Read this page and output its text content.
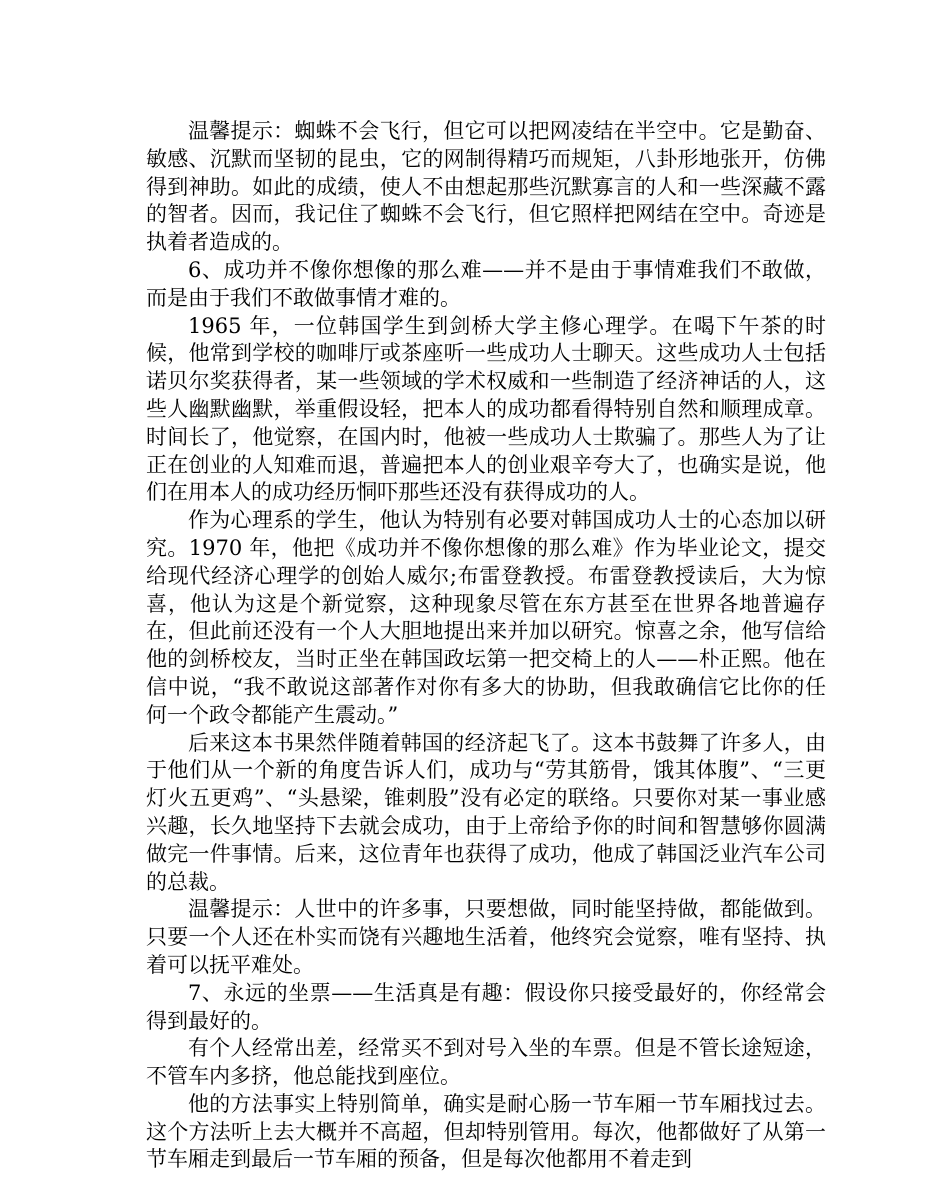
温馨提示：蜘蛛不会飞行，但它可以把网凌结在半空中。它是勤奋、敏感、沉默而坚韧的昆虫，它的网制得精巧而规矩，八卦形地张开，仿佛得到神助。如此的成绩，使人不由想起那些沉默寡言的人和一些深藏不露的智者。因而，我记住了蜘蛛不会飞行，但它照样把网结在空中。奇迹是执着者造成的。

6、成功并不像你想像的那么难——并不是由于事情难我们不敢做，而是由于我们不敢做事情才难的。

1965 年，一位韩国学生到剑桥大学主修心理学。在喝下午茶的时候，他常到学校的咖啡厅或茶座听一些成功人士聊天。这些成功人士包括诺贝尔奖获得者，某一些领域的学术权威和一些制造了经济神话的人，这些人幽默幽默，举重假设轻，把本人的成功都看得特别自然和顺理成章。时间长了，他觉察，在国内时，他被一些成功人士欺骗了。那些人为了让正在创业的人知难而退，普遍把本人的创业艰辛夸大了，也确实是说，他们在用本人的成功经历恫吓那些还没有获得成功的人。

作为心理系的学生，他认为特别有必要对韩国成功人士的心态加以研究。1970 年，他把《成功并不像你想像的那么难》作为毕业论文，提交给现代经济心理学的创始人威尔;布雷登教授。布雷登教授读后，大为惊喜，他认为这是个新觉察，这种现象尽管在东方甚至在世界各地普遍存在，但此前还没有一个人大胆地提出来并加以研究。惊喜之余，他写信给他的剑桥校友，当时正坐在韩国政坛第一把交椅上的人——朴正熙。他在信中说，“我不敢说这部著作对你有多大的协助，但我敢确信它比你的任何一个政令都能产生震动。”

后来这本书果然伴随着韩国的经济起飞了。这本书鼓舞了许多人，由于他们从一个新的角度告诉人们，成功与“劳其筋骨，饿其体腹”、“三更灯火五更鸡”、“头悬梁，锥刺股”没有必定的联络。只要你对某一事业感兴趣，长久地坚持下去就会成功，由于上帝给予你的时间和智慧够你圆满做完一件事情。后来，这位青年也获得了成功，他成了韩国泛业汽车公司的总裁。

温馨提示：人世中的许多事，只要想做，同时能坚持做，都能做到。只要一个人还在朴实而饶有兴趣地生活着，他终究会觉察，唯有坚持、执着可以抚平难处。

7、永远的坐票——生活真是有趣：假设你只接受最好的，你经常会得到最好的。

有个人经常出差，经常买不到对号入坐的车票。但是不管长途短途，不管车内多挤，他总能找到座位。

他的方法事实上特别简单，确实是耐心肠一节车厢一节车厢找过去。这个方法听上去大概并不高超，但却特别管用。每次，他都做好了从第一节车厢走到最后一节车厢的预备，但是每次他都用不着走到
